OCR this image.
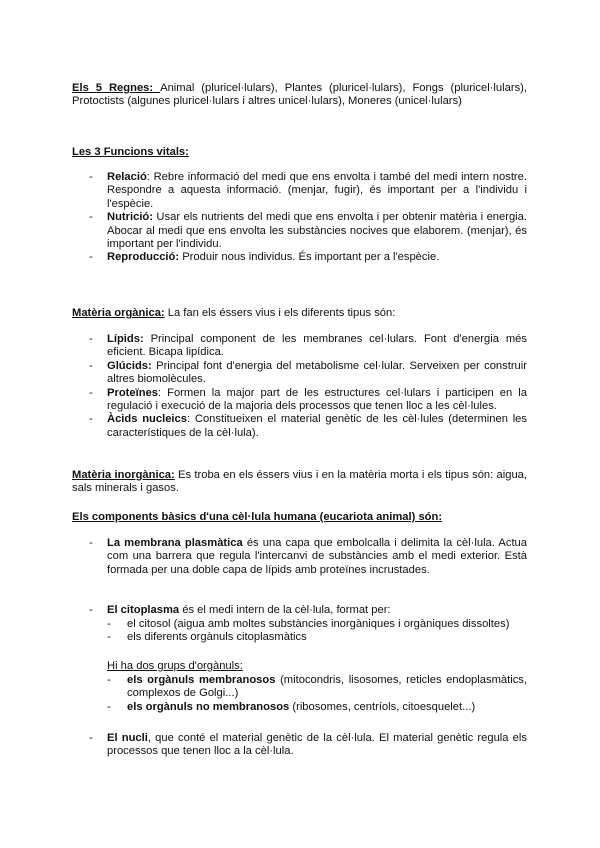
Els 5 Regnes: Animal (pluricel·lulars), Plantes (pluricel·lulars), Fongs (pluricel·lulars), Protoctists (algunes pluricel·lulars i altres unicel·lulars), Moneres (unicel·lulars)

Les 3 Funcions vitals:

- Relació: Rebre informació del medi que ens envolta i també del medi intern nostre. Respondre a aquesta informació. (menjar, fugir), és important per a l'individu i l'espècie.
- Nutrició: Usar els nutrients del medi que ens envolta i per obtenir matèria i energia. Abocar al medi que ens envolta les substàncies nocives que elaborem. (menjar), és important per l'individu.
- Reproducció: Produir nous individus. És important per a l'espècie.

Matèria orgànica: La fan els éssers vius i els diferents tipus són:

- Lípids: Principal component de les membranes cel·lulars. Font d'energia més eficient. Bicapa lipídica.
- Glúcids: Principal font d'energia del metabolisme cel·lular. Serveixen per construir altres biomolècules.
- Proteïnes: Formen la major part de les estructures cel·lulars i participen en la regulació i execució de la majoria dels processos que tenen lloc a les cèl·lules.
- Àcids nucleics: Constitueixen el material genètic de les cèl·lules (determinen les característiques de la cèl·lula).

Matèria inorgànica: Es troba en els éssers vius i en la matèria morta i els tipus són: aigua, sals minerals i gasos.

Els components bàsics d'una cèl·lula humana (eucariota animal) són:

- La membrana plasmàtica és una capa que embolcalla i delimita la cèl·lula. Actua com una barrera que regula l'intercanvi de substàncies amb el medi exterior. Està formada per una doble capa de lípids amb proteïnes incrustades.
- El citoplasma és el medi intern de la cèl·lula, format per:
- el citosol (aigua amb moltes substàncies inorgàniques i orgàniques dissoltes)
- els diferents orgànuls citoplasmàtics

Hi ha dos grups d'orgànuls:

- els orgànuls membranosos (mitocondris, lisosomes, reticles endoplasmàtics, complexos de Golgi...)
- els orgànuls no membranosos (ribosomes, centríols, citoesquelet...)
- El nucli, que conté el material genètic de la cèl·lula. El material genètic regula els processos que tenen lloc a la cèl·lula.
